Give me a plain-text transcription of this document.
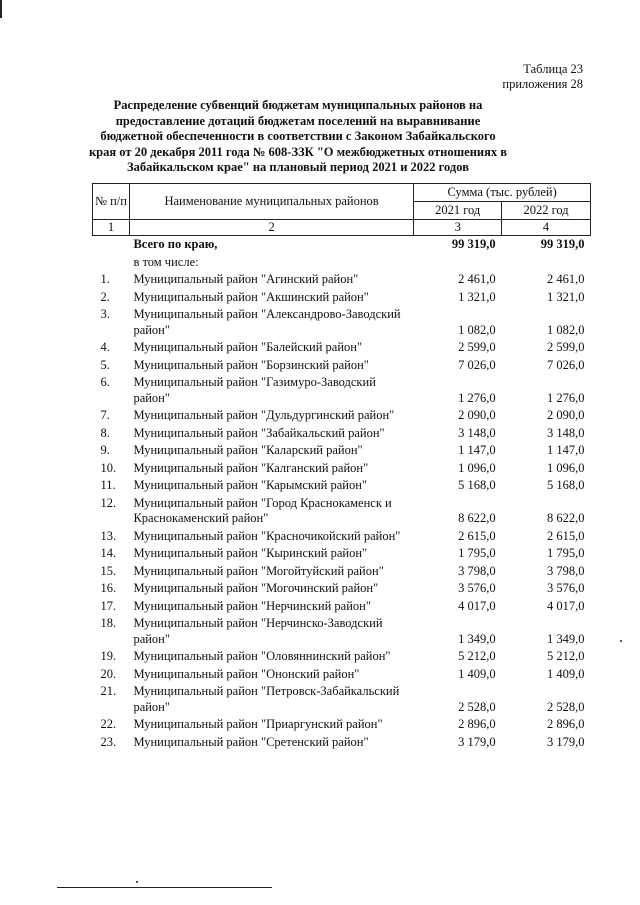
Таблица 23
приложения 28
Распределение субвенций бюджетам муниципальных районов на предоставление дотаций бюджетам поселений на выравнивание бюджетной обеспеченности в соответствии с Законом Забайкальского края от 20 декабря 2011 года № 608-ЗЗК "О межбюджетных отношениях в Забайкальском крае" на плановый период 2021 и 2022 годов
№ п/п	Наименование муниципальных районов	Сумма (тыс. рублей)	
		2021 год	2022 год
1	2	3	4
	Всего по краю,	99 319,0	99 319,0
	в том числе:		
1.	Муниципальный район "Агинский район"	2 461,0	2 461,0
2.	Муниципальный район "Акшинский район"	1 321,0	1 321,0
3.	Муниципальный район "Александрово-Заводский район"	1 082,0	1 082,0
4.	Муниципальный район "Балейский район"	2 599,0	2 599,0
5.	Муниципальный район "Борзинский район"	7 026,0	7 026,0
6.	Муниципальный район "Газимуро-Заводский район"	1 276,0	1 276,0
7.	Муниципальный район "Дульдургинский район"	2 090,0	2 090,0
8.	Муниципальный район "Забайкальский район"	3 148,0	3 148,0
9.	Муниципальный район "Каларский район"	1 147,0	1 147,0
10.	Муниципальный район "Калганский район"	1 096,0	1 096,0
11.	Муниципальный район "Карымский район"	5 168,0	5 168,0
12.	Муниципальный район "Город Краснокаменск и Краснокаменский район"	8 622,0	8 622,0
13.	Муниципальный район "Красночикойский район"	2 615,0	2 615,0
14.	Муниципальный район "Кыринский район"	1 795,0	1 795,0
15.	Муниципальный район "Могойтуйский район"	3 798,0	3 798,0
16.	Муниципальный район "Могочинский район"	3 576,0	3 576,0
17.	Муниципальный район "Нерчинский район"	4 017,0	4 017,0
18.	Муниципальный район "Нерчинско-Заводский район"	1 349,0	1 349,0
19.	Муниципальный район "Оловяннинский район"	5 212,0	5 212,0
20.	Муниципальный район "Ононский район"	1 409,0	1 409,0
21.	Муниципальный район "Петровск-Забайкальский район"	2 528,0	2 528,0
22.	Муниципальный район "Приаргунский район"	2 896,0	2 896,0
23.	Муниципальный район "Сретенский район"	3 179,0	3 179,0
